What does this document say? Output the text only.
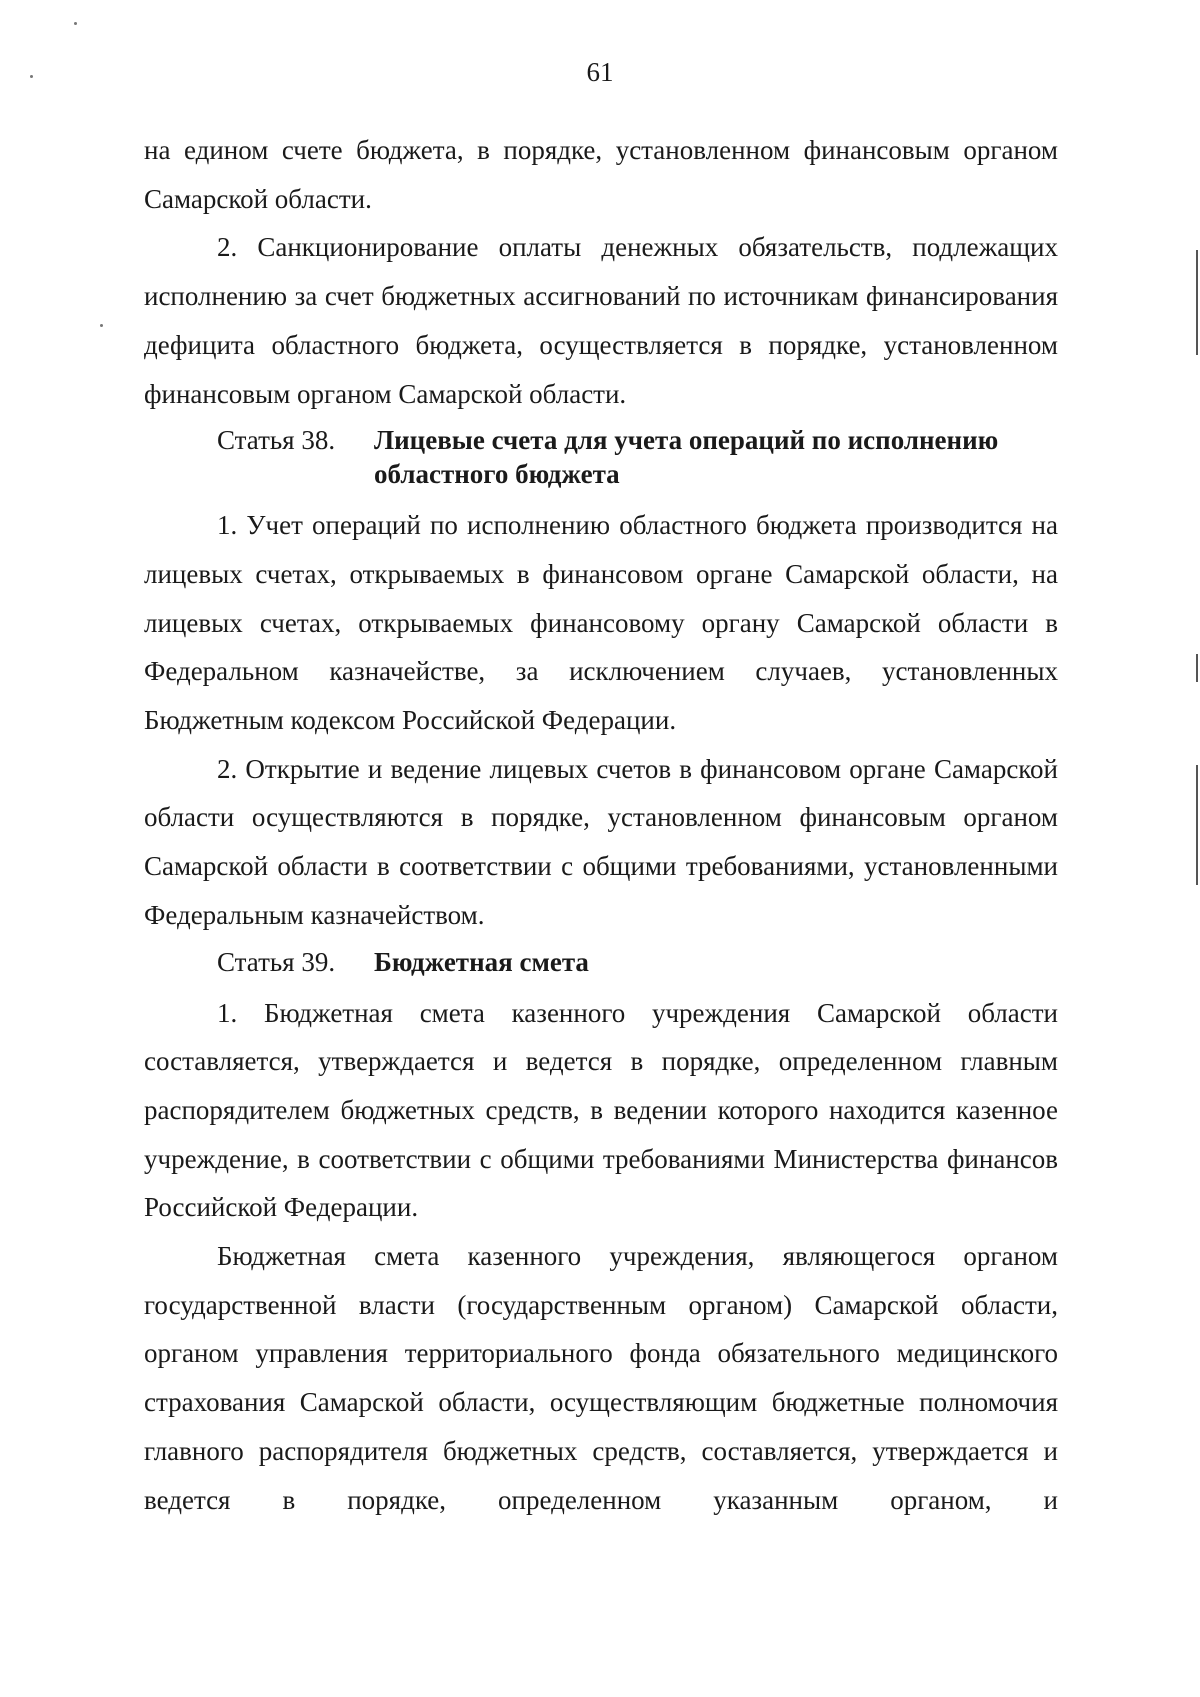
61

на едином счете бюджета, в порядке, установленном финансовым органом Самарской области.

2. Санкционирование оплаты денежных обязательств, подлежащих исполнению за счет бюджетных ассигнований по источникам финансирования дефицита областного бюджета, осуществляется в порядке, установленном финансовым органом Самарской области.

Статья 38.	Лицевые счета для учета операций по исполнению областного бюджета

1. Учет операций по исполнению областного бюджета производится на лицевых счетах, открываемых в финансовом органе Самарской области, на лицевых счетах, открываемых финансовому органу Самарской области в Федеральном казначействе, за исключением случаев, установленных Бюджетным кодексом Российской Федерации.

2. Открытие и ведение лицевых счетов в финансовом органе Самарской области осуществляются в порядке, установленном финансовым органом Самарской области в соответствии с общими требованиями, установленными Федеральным казначейством.

Статья 39.	Бюджетная смета

1. Бюджетная смета казенного учреждения Самарской области составляется, утверждается и ведется в порядке, определенном главным распорядителем бюджетных средств, в ведении которого находится казенное учреждение, в соответствии с общими требованиями Министерства финансов Российской Федерации.

Бюджетная смета казенного учреждения, являющегося органом государственной власти (государственным органом) Самарской области, органом управления территориального фонда обязательного медицинского страхования Самарской области, осуществляющим бюджетные полномочия главного распорядителя бюджетных средств, составляется, утверждается и ведется в порядке, определенном указанным органом, и
